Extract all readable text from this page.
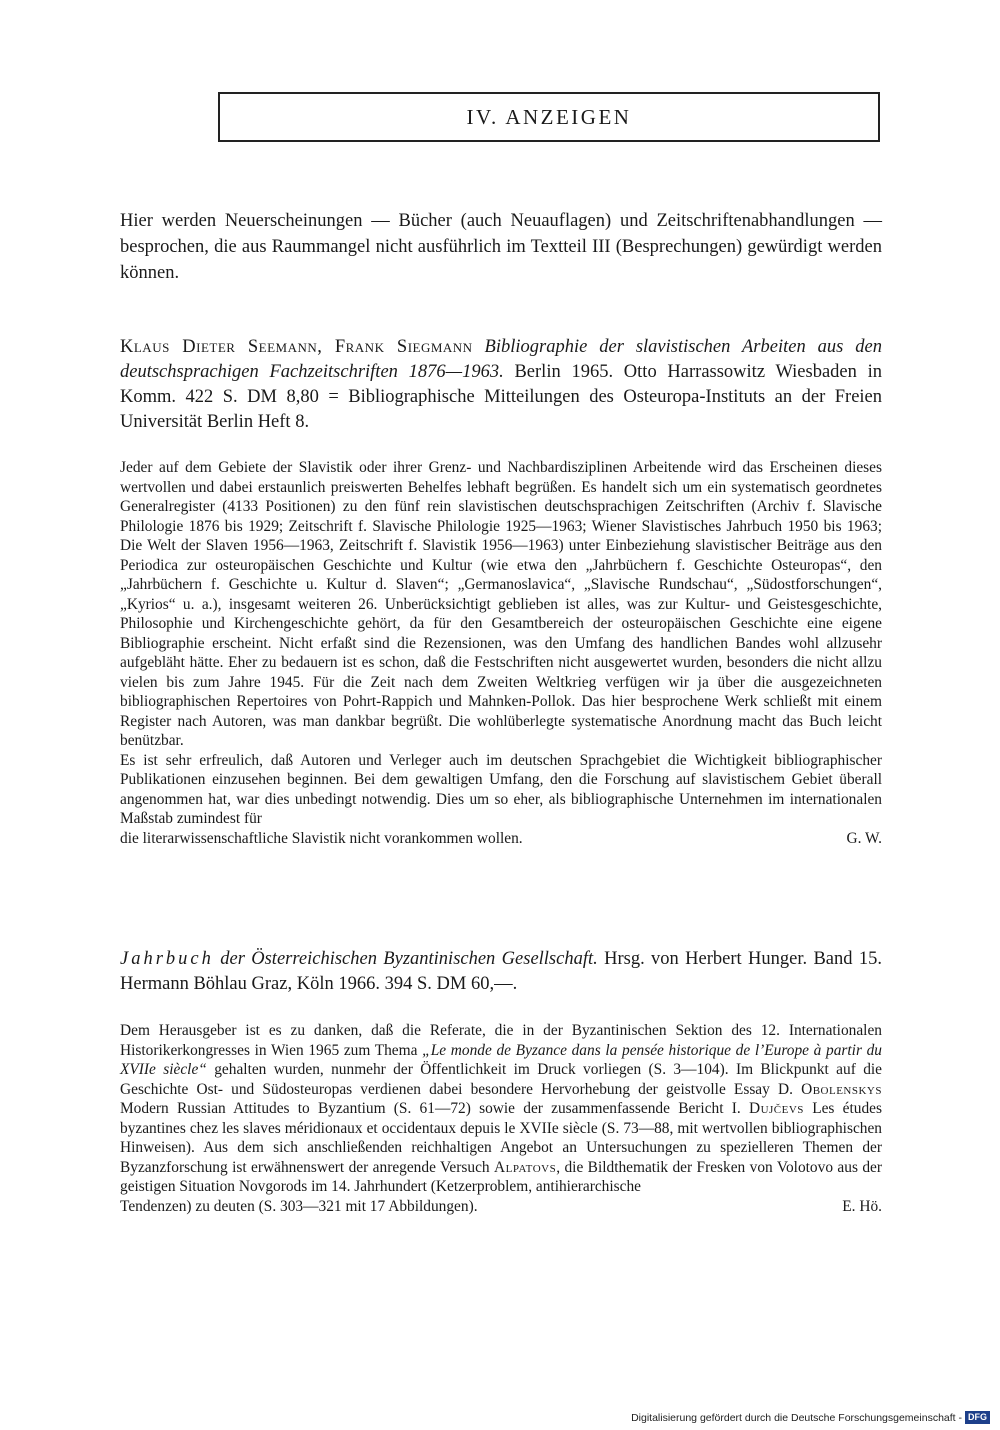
IV. ANZEIGEN
Hier werden Neuerscheinungen — Bücher (auch Neuauflagen) und Zeitschriftenabhandlungen — besprochen, die aus Raummangel nicht ausführlich im Textteil III (Besprechungen) gewürdigt werden können.
Klaus Dieter Seemann, Frank Siegmann Bibliographie der slavistischen Arbeiten aus den deutschsprachigen Fachzeitschriften 1876—1963. Berlin 1965. Otto Harrassowitz Wiesbaden in Komm. 422 S. DM 8,80 = Bibliographische Mitteilungen des Osteuropa-Instituts an der Freien Universität Berlin Heft 8.

Jeder auf dem Gebiete der Slavistik oder ihrer Grenz- und Nachbardisziplinen Arbeitende wird das Erscheinen dieses wertvollen und dabei erstaunlich preiswerten Behelfes lebhaft begrüßen. Es handelt sich um ein systematisch geordnetes Generalregister (4133 Positionen) zu den fünf rein slavistischen deutschsprachigen Zeitschriften (Archiv f. Slavische Philologie 1876 bis 1929; Zeitschrift f. Slavische Philologie 1925—1963; Wiener Slavistisches Jahrbuch 1950 bis 1963; Die Welt der Slaven 1956—1963, Zeitschrift f. Slavistik 1956—1963) unter Einbeziehung slavistischer Beiträge aus den Periodica zur osteuropäischen Geschichte und Kultur (wie etwa den „Jahrbüchern f. Geschichte Osteuropas“, den „Jahrbüchern f. Geschichte u. Kultur d. Slaven“; „Germanoslavica“, „Slavische Rundschau“, „Südostforschungen“, „Kyrios“ u. a.), insgesamt weiteren 26. Unberücksichtigt geblieben ist alles, was zur Kultur- und Geistesgeschichte, Philosophie und Kirchengeschichte gehört, da für den Gesamtbereich der osteuropäischen Geschichte eine eigene Bibliographie erscheint. Nicht erfaßt sind die Rezensionen, was den Umfang des handlichen Bandes wohl allzusehr aufgebläht hätte. Eher zu bedauern ist es schon, daß die Festschriften nicht ausgewertet wurden, besonders die nicht allzu vielen bis zum Jahre 1945. Für die Zeit nach dem Zweiten Weltkrieg verfügen wir ja über die ausgezeichneten bibliographischen Repertoires von Pohrt-Rappich und Mahnken-Pollok. Das hier besprochene Werk schließt mit einem Register nach Autoren, was man dankbar begrüßt. Die wohlüberlegte systematische Anordnung macht das Buch leicht benützbar.

Es ist sehr erfreulich, daß Autoren und Verleger auch im deutschen Sprachgebiet die Wichtigkeit bibliographischer Publikationen einzusehen beginnen. Bei dem gewaltigen Umfang, den die Forschung auf slavistischem Gebiet überall angenommen hat, war dies unbedingt notwendig. Dies um so eher, als bibliographische Unternehmen im internationalen Maßstab zumindest für

die literarwissenschaftliche Slavistik nicht vorankommen wollen.	G. W.
Jahrbuch der Österreichischen Byzantinischen Gesellschaft. Hrsg. von Herbert Hunger. Band 15. Hermann Böhlau Graz, Köln 1966. 394 S. DM 60,—.

Dem Herausgeber ist es zu danken, daß die Referate, die in der Byzantinischen Sektion des 12. Internationalen Historikerkongresses in Wien 1965 zum Thema „Le monde de Byzance dans la pensée historique de l’Europe à partir du XVIIe siècle“ gehalten wurden, nunmehr der Öffentlichkeit im Druck vorliegen (S. 3—104). Im Blickpunkt auf die Geschichte Ost- und Südosteuropas verdienen dabei besondere Hervorhebung der geistvolle Essay D. Obolenskys Modern Russian Attitudes to Byzantium (S. 61—72) sowie der zusammenfassende Bericht I. Dujčevs Les études byzantines chez les slaves méridionaux et occidentaux depuis le XVIIe siècle (S. 73—88, mit wertvollen bibliographischen Hinweisen). Aus dem sich anschließenden reichhaltigen Angebot an Untersuchungen zu spezielleren Themen der Byzanzforschung ist erwähnenswert der anregende Versuch Alpatovs, die Bildthematik der Fresken von Volotovo aus der geistigen Situation Novgorods im 14. Jahrhundert (Ketzerproblem, antihierarchische

Tendenzen) zu deuten (S. 303—321 mit 17 Abbildungen).	E. Hö.
Digitalisierung gefördert durch die Deutsche Forschungsgemeinschaft - DFG
